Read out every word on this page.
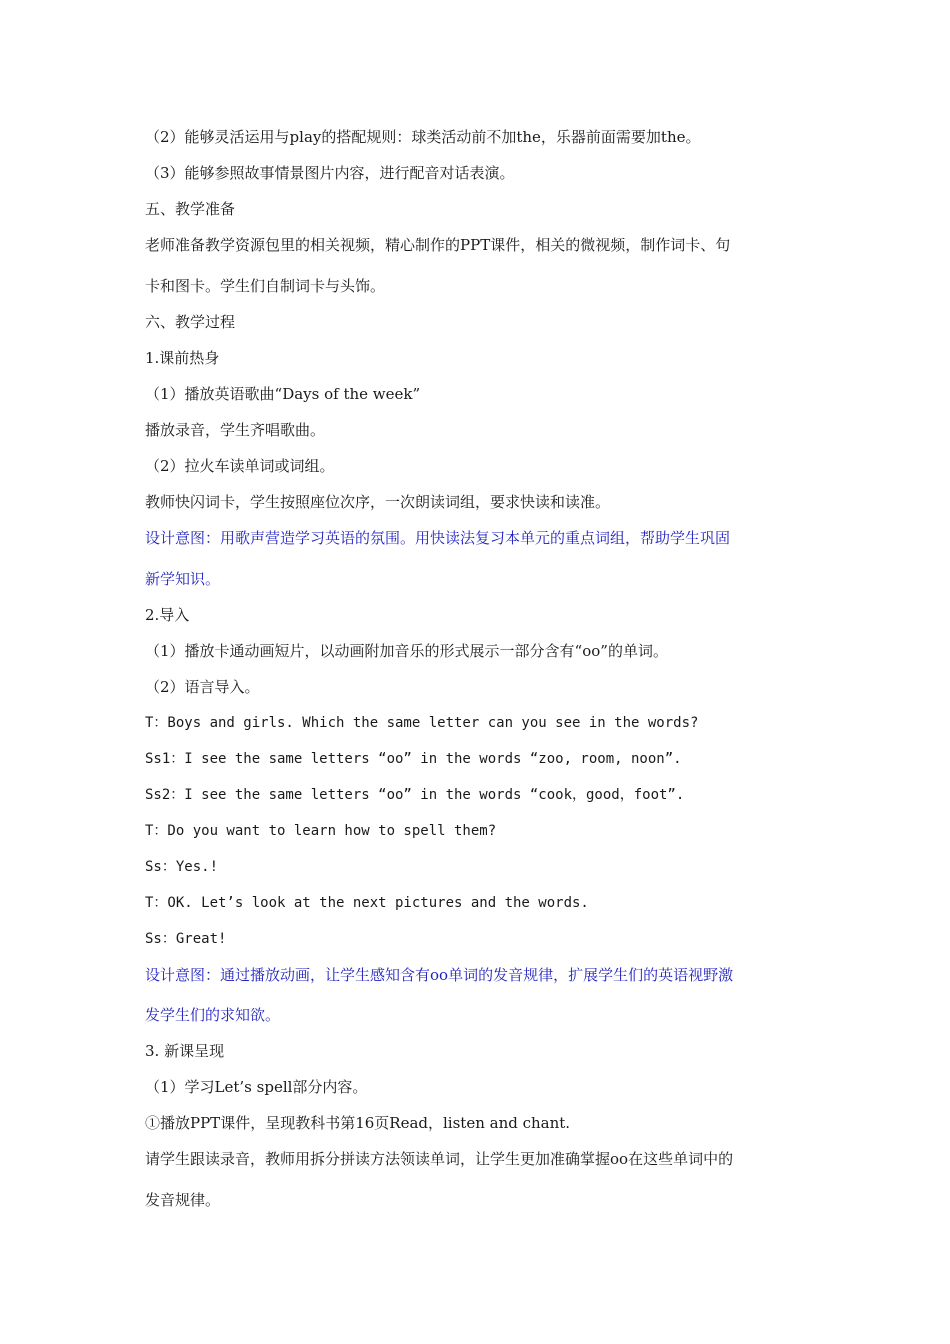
（2）能够灵活运用与play的搭配规则：球类活动前不加the，乐器前面需要加the。
（3）能够参照故事情景图片内容，进行配音对话表演。
五、教学准备
老师准备教学资源包里的相关视频，精心制作的PPT课件，相关的微视频，制作词卡、句
卡和图卡。学生们自制词卡与头饰。
六、教学过程
1.课前热身
（1）播放英语歌曲“Days of the week”
播放录音，学生齐唱歌曲。
（2）拉火车读单词或词组。
教师快闪词卡，学生按照座位次序，一次朗读词组，要求快读和读准。
设计意图：用歌声营造学习英语的氛围。用快读法复习本单元的重点词组，帮助学生巩固
新学知识。
2.导入
（1）播放卡通动画短片，以动画附加音乐的形式展示一部分含有“oo”的单词。
（2）语言导入。
T：Boys and girls. Which the same letter can you see in the words?
Ss1：I see the same letters “oo” in the words “zoo, room, noon”.
Ss2：I see the same letters “oo” in the words “cook，good，foot”.
T：Do you want to learn how to spell them?
Ss：Yes.!
T：OK. Let’s look at the next pictures and the words.
Ss：Great!
设计意图：通过播放动画，让学生感知含有oo单词的发音规律，扩展学生们的英语视野激
发学生们的求知欲。
3. 新课呈现
（1）学习Let’s spell部分内容。
①播放PPT课件，呈现教科书第16页Read，listen and chant.
请学生跟读录音，教师用拆分拼读方法领读单词，让学生更加准确掌握oo在这些单词中的
发音规律。
